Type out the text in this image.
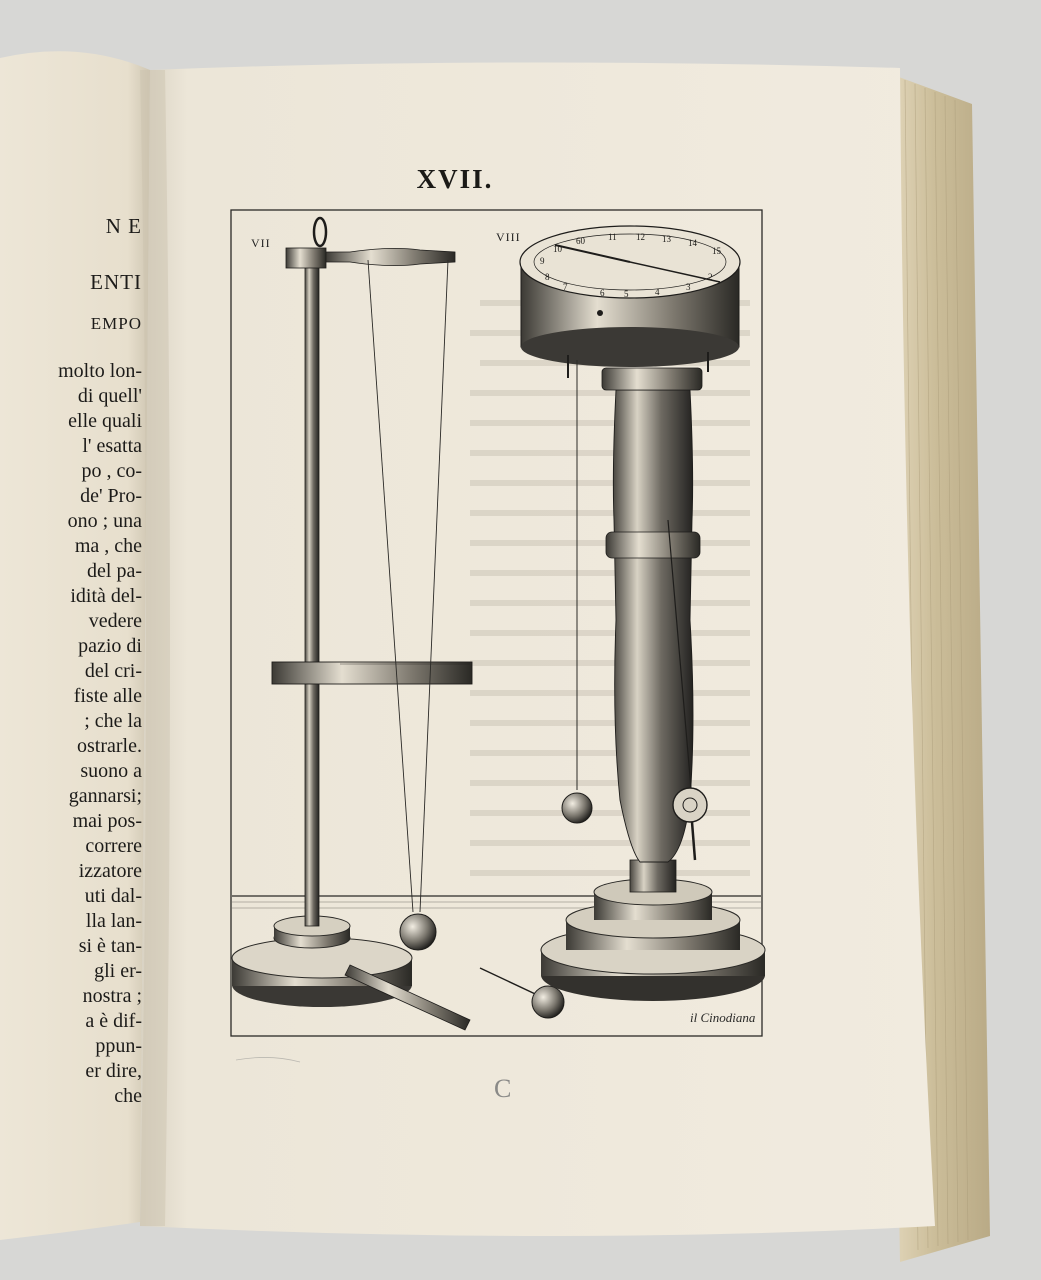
60	11 12 13 14
15
10
9
8
7
6 5	4	3
2
XVII.
VII	VIII
il Cinodiana
C
N E
ENTI
EMPO
molto lon-
di quell'
elle quali
l' esatta
po , co-
de' Pro-
ono ; una
ma , che
del pa-
idità del-
vedere
pazio di
del cri-
fiste alle
; che la
ostrarle.
suono a
gannarsi;
mai pos-
correre
izzatore
uti dal-
lla lan-
si è tan-
gli er-
nostra ;
a è dif-
ppun-
er dire,
che
